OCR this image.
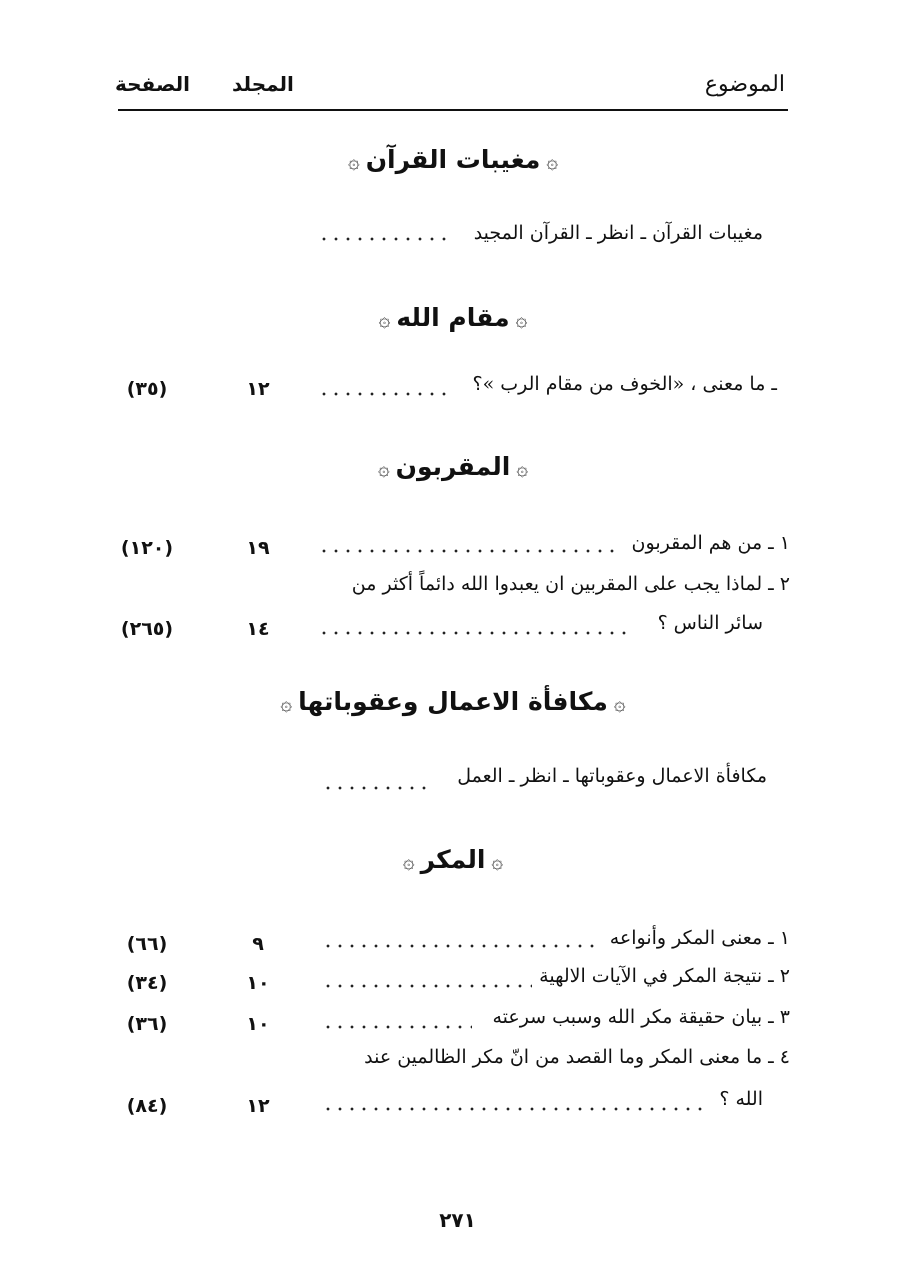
الموضوع
المجلد
الصفحة
۞مغيبات القرآن۞
مغيبات القرآن ـ انظر ـ القرآن المجيد
۞مقام الله۞
ـ ما معنى ، «الخوف من مقام الرب »؟
١٢
(٣٥)
۞المقربون۞
١ ـ من هم المقربون
١٩
(١٢٠)
٢ ـ لماذا يجب على المقربين ان يعبدوا الله دائماً أكثر من
سائر الناس ؟
١٤
(٢٦٥)
۞مكافأة الاعمال وعقوباتها۞
مكافأة الاعمال وعقوباتها ـ انظر ـ العمل
۞المكر۞
١ ـ معنى المكر وأنواعه
٩
(٦٦)
٢ ـ نتيجة المكر في الآيات الالهية
١٠
(٣٤)
٣ ـ بيان حقيقة مكر الله وسبب سرعته
١٠
(٣٦)
٤ ـ ما معنى المكر وما القصد من انّ مكر الظالمين عند
الله ؟
١٢
(٨٤)
٢٧١
